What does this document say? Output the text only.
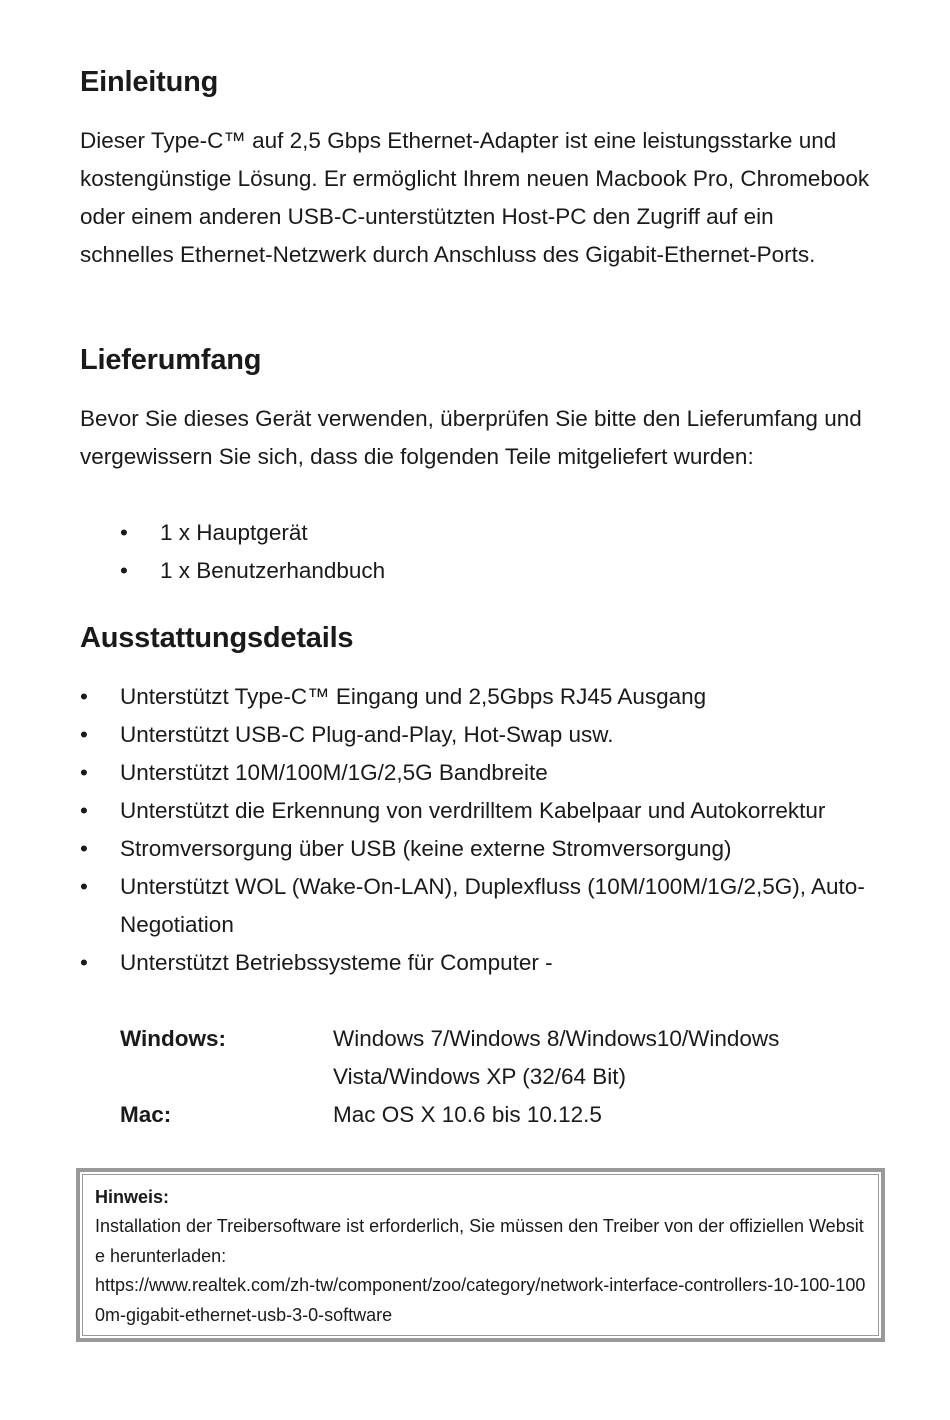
Einleitung

Dieser Type-C™ auf 2,5 Gbps Ethernet-Adapter ist eine leistungsstarke und kostengünstige Lösung. Er ermöglicht Ihrem neuen Macbook Pro, Chromebook oder einem anderen USB-C-unterstützten Host-PC den Zugriff auf ein schnelles Ethernet-Netzwerk durch Anschluss des Gigabit-Ethernet-Ports.

Lieferumfang

Bevor Sie dieses Gerät verwenden, überprüfen Sie bitte den Lieferumfang und vergewissern Sie sich, dass die folgenden Teile mitgeliefert wurden:

• 1 x Hauptgerät
• 1 x Benutzerhandbuch
Ausstattungsdetails
• Unterstützt Type-C™ Eingang und 2,5Gbps RJ45 Ausgang
• Unterstützt USB-C Plug-and-Play, Hot-Swap usw.
• Unterstützt 10M/100M/1G/2,5G Bandbreite
• Unterstützt die Erkennung von verdrilltem Kabelpaar und Autokorrektur
• Stromversorgung über USB (keine externe Stromversorgung)
• Unterstützt WOL (Wake-On-LAN), Duplexfluss (10M/100M/1G/2,5G), Auto-Negotiation
• Unterstützt Betriebssysteme für Computer -
Windows:	Windows 7/Windows 8/Windows10/Windows Vista/Windows XP (32/64 Bit)
Mac:	Mac OS X 10.6 bis 10.12.5
Hinweis:
Installation der Treibersoftware ist erforderlich, Sie müssen den Treiber von der offiziellen Website herunterladen:
https://www.realtek.com/zh-tw/component/zoo/category/network-interface-controllers-10-100-1000m-gigabit-ethernet-usb-3-0-software
